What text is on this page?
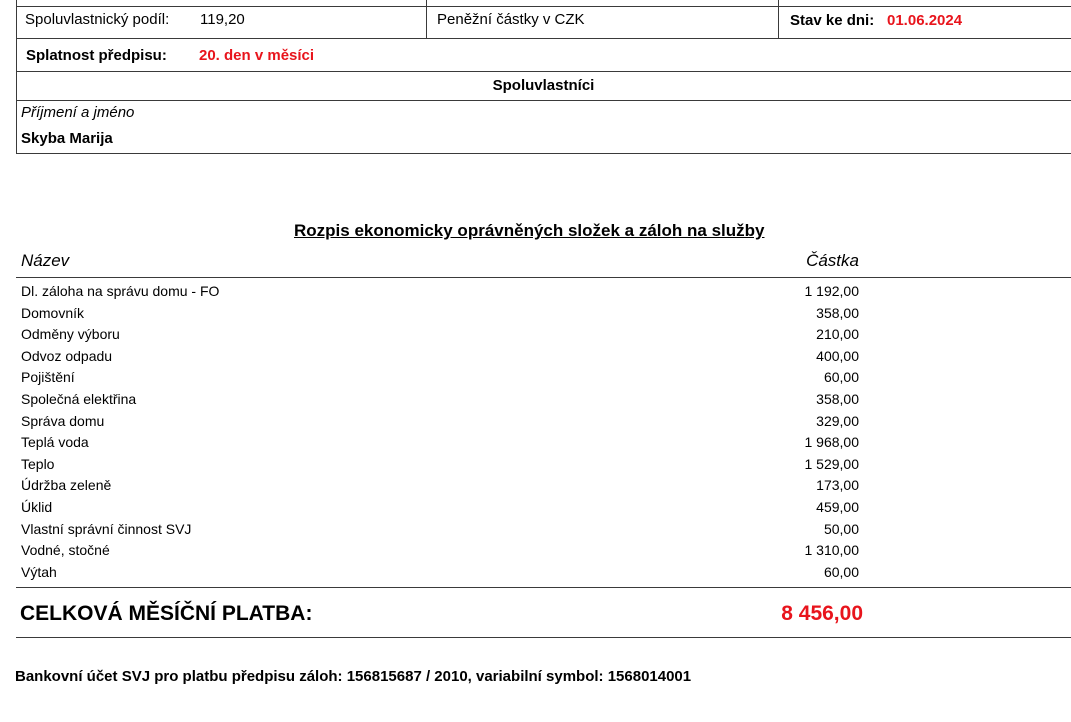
Spoluvlastnický podíl: 119,20	Peněžní částky v CZK	Stav ke dni: 01.06.2024
Splatnost předpisu: 20. den v měsíci
Spoluvlastníci
Příjmení a jméno
Skyba Marija
Rozpis ekonomicky oprávněných složek a záloh na služby
Název	Částka
Dl. záloha na správu domu - FO	1 192,00
Domovník	358,00
Odměny výboru	210,00
Odvoz odpadu	400,00
Pojištění	60,00
Společná elektřina	358,00
Správa domu	329,00
Teplá voda	1 968,00
Teplo	1 529,00
Údržba zeleně	173,00
Úklid	459,00
Vlastní správní činnost SVJ	50,00
Vodné, stočné	1 310,00
Výtah	60,00
CELKOVÁ MĚSÍČNÍ PLATBA:	8 456,00
Bankovní účet SVJ pro platbu předpisu záloh: 156815687 / 2010, variabilní symbol: 1568014001
